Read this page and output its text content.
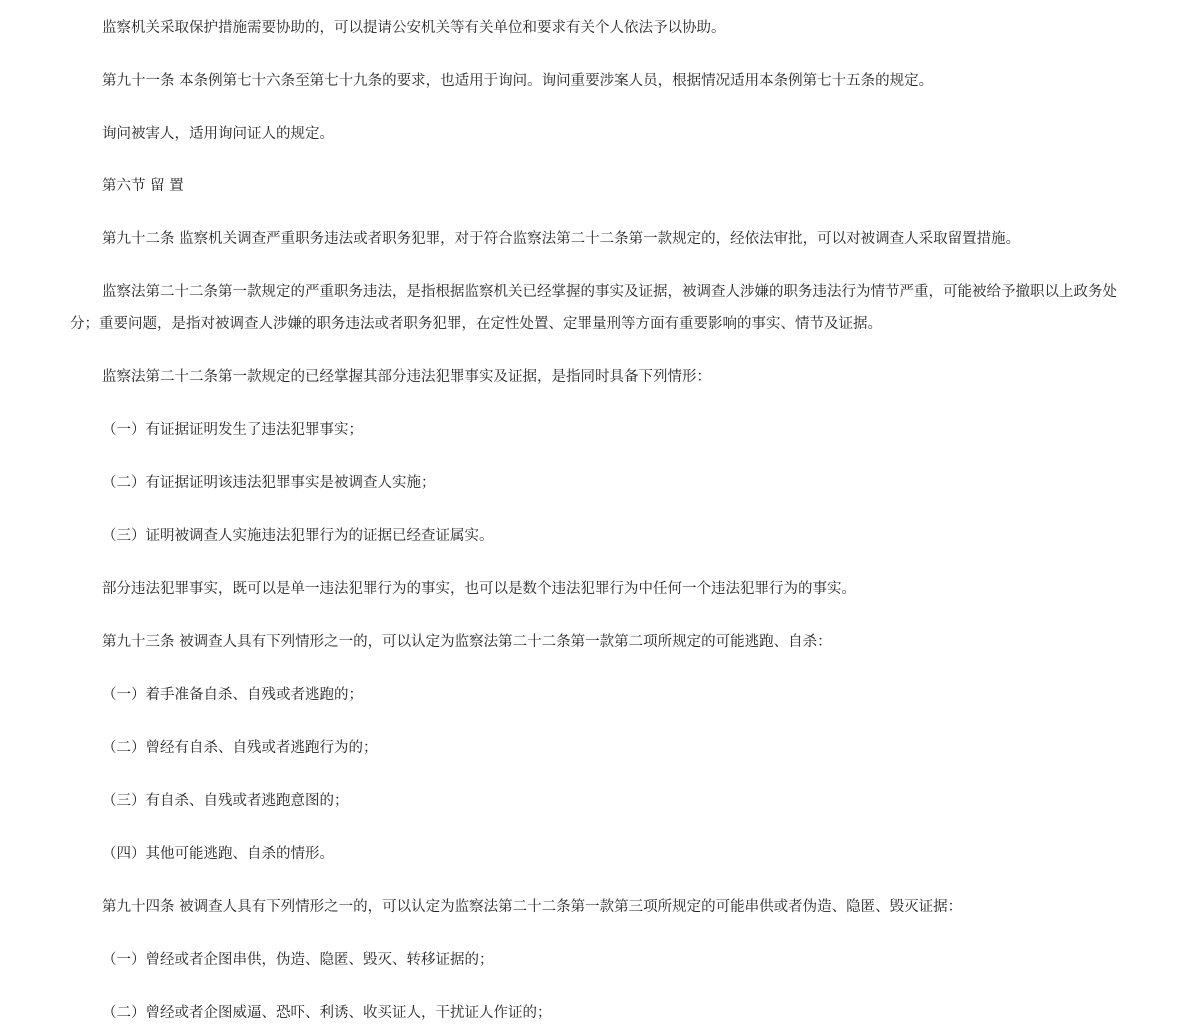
监察机关采取保护措施需要协助的，可以提请公安机关等有关单位和要求有关个人依法予以协助。

第九十一条 本条例第七十六条至第七十九条的要求，也适用于询问。询问重要涉案人员，根据情况适用本条例第七十五条的规定。

询问被害人，适用询问证人的规定。

第六节 留 置

第九十二条 监察机关调查严重职务违法或者职务犯罪，对于符合监察法第二十二条第一款规定的，经依法审批，可以对被调查人采取留置措施。

监察法第二十二条第一款规定的严重职务违法，是指根据监察机关已经掌握的事实及证据，被调查人涉嫌的职务违法行为情节严重，可能被给予撤职以上政务处分；重要问题，是指对被调查人涉嫌的职务违法或者职务犯罪，在定性处置、定罪量刑等方面有重要影响的事实、情节及证据。

监察法第二十二条第一款规定的已经掌握其部分违法犯罪事实及证据，是指同时具备下列情形：

（一）有证据证明发生了违法犯罪事实；

（二）有证据证明该违法犯罪事实是被调查人实施；

（三）证明被调查人实施违法犯罪行为的证据已经查证属实。

部分违法犯罪事实，既可以是单一违法犯罪行为的事实，也可以是数个违法犯罪行为中任何一个违法犯罪行为的事实。

第九十三条 被调查人具有下列情形之一的，可以认定为监察法第二十二条第一款第二项所规定的可能逃跑、自杀：

（一）着手准备自杀、自残或者逃跑的；

（二）曾经有自杀、自残或者逃跑行为的；

（三）有自杀、自残或者逃跑意图的；

（四）其他可能逃跑、自杀的情形。

第九十四条 被调查人具有下列情形之一的，可以认定为监察法第二十二条第一款第三项所规定的可能串供或者伪造、隐匿、毁灭证据：

（一）曾经或者企图串供，伪造、隐匿、毁灭、转移证据的；

（二）曾经或者企图威逼、恐吓、利诱、收买证人，干扰证人作证的；
